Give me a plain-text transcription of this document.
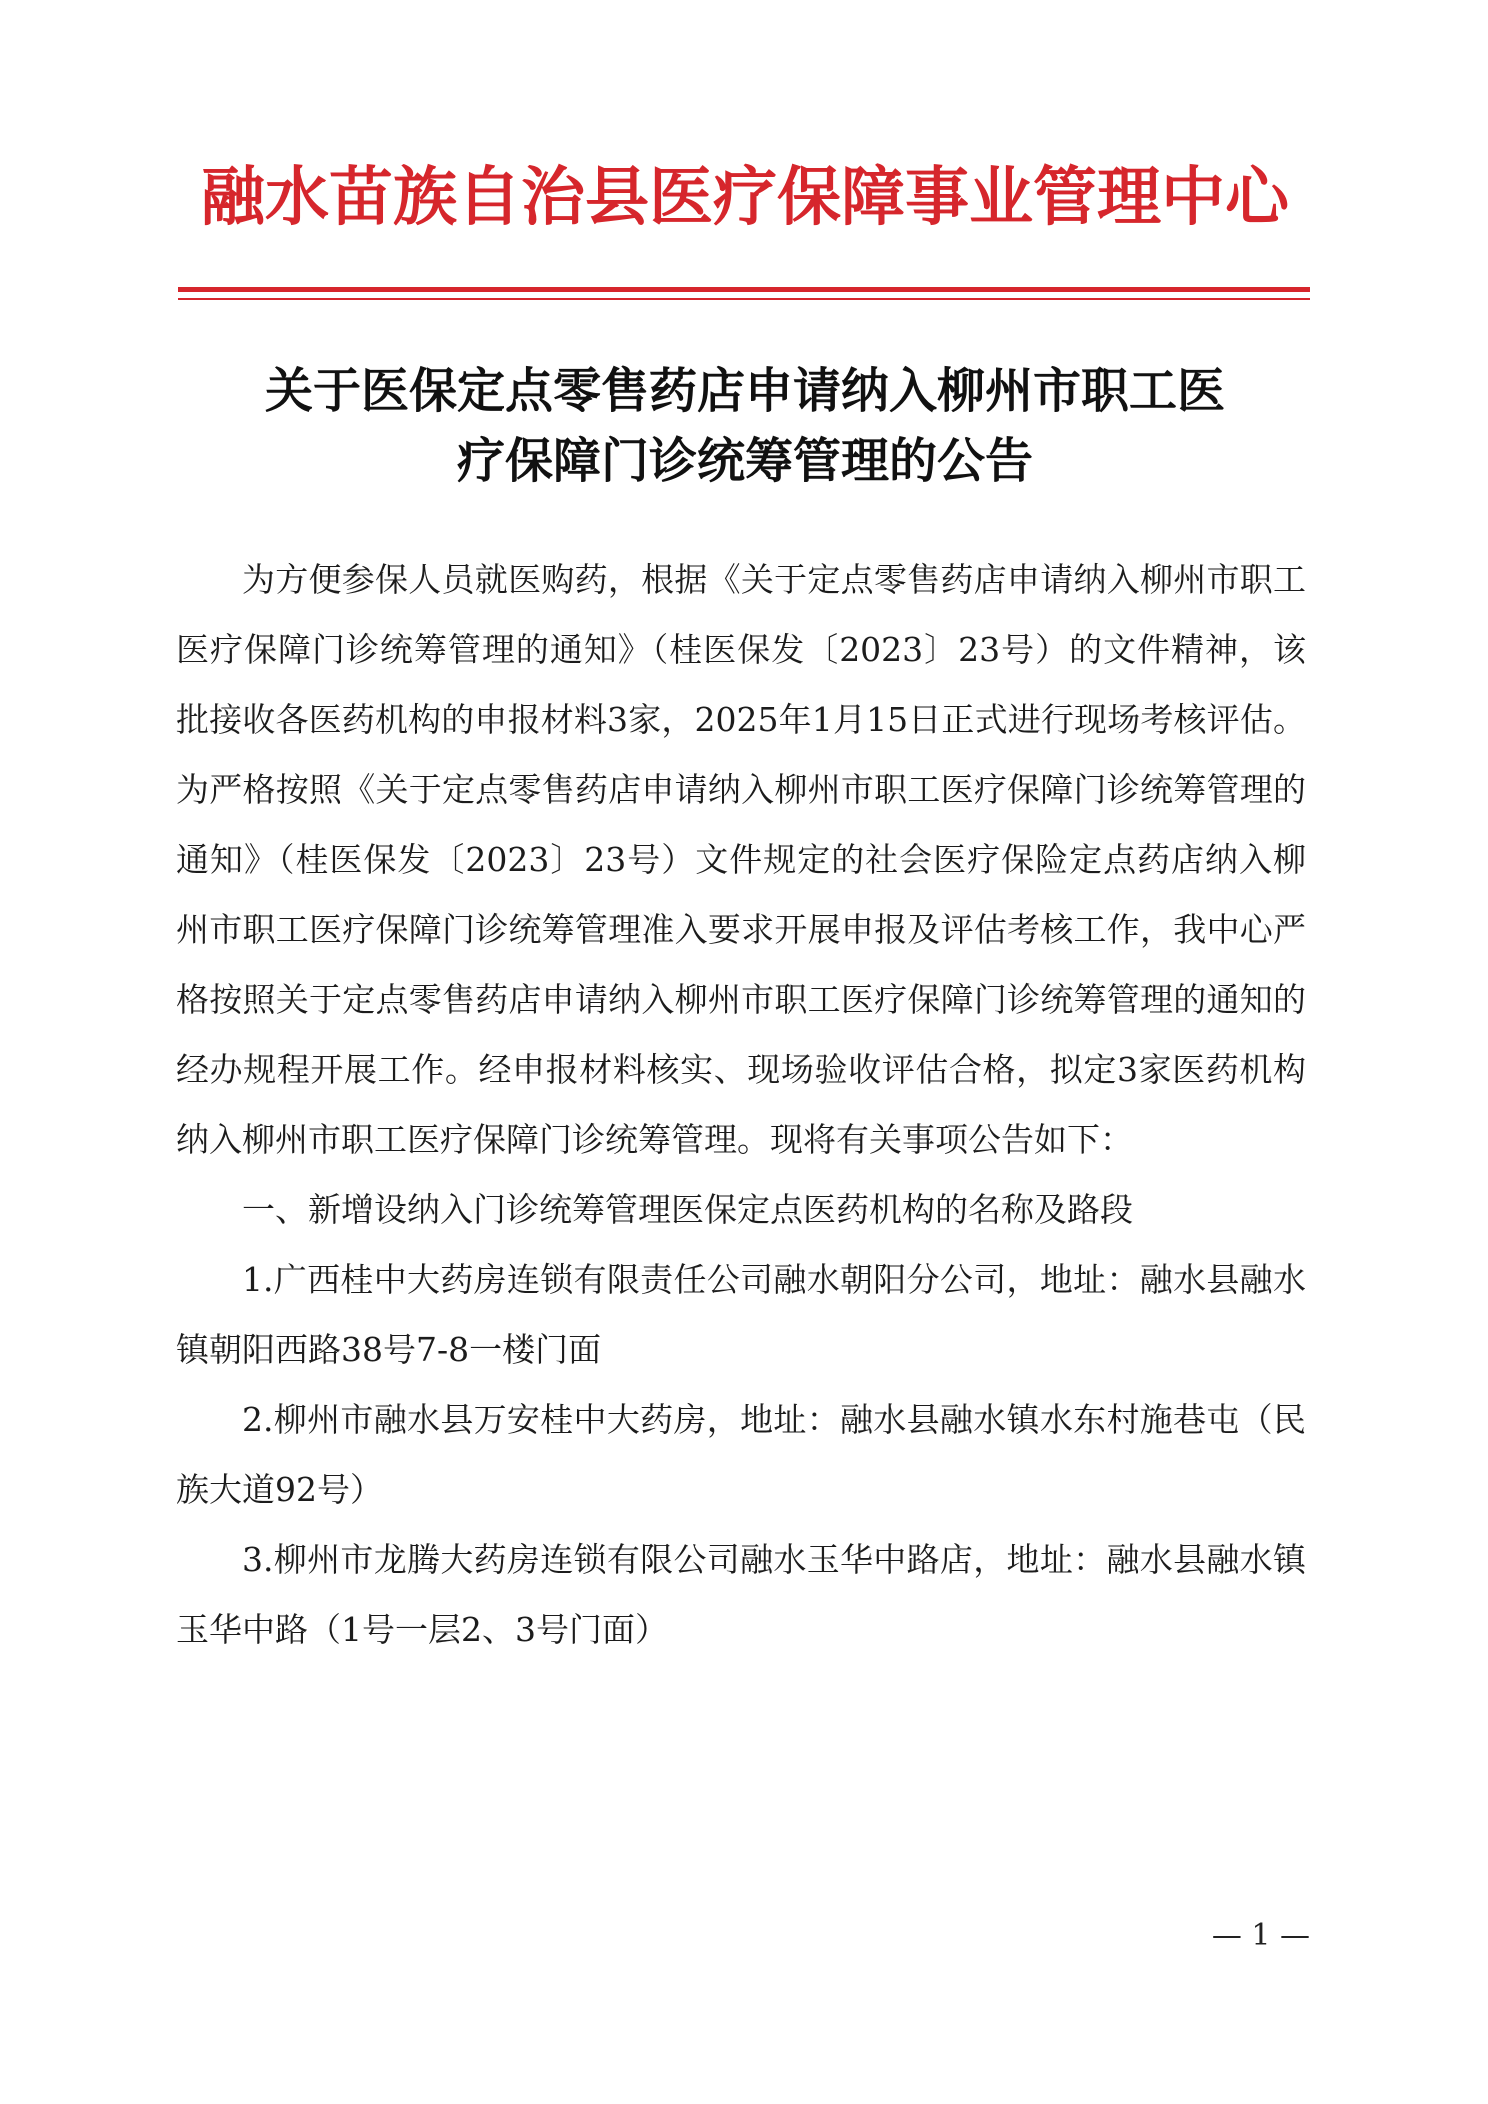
融水苗族自治县医疗保障事业管理中心
关于医保定点零售药店申请纳入柳州市职工医
疗保障门诊统筹管理的公告

为方便参保人员就医购药，根据《关于定点零售药店申请纳入柳州市职工医疗保障门诊统筹管理的通知》（桂医保发〔2023〕23号）的文件精神，该批接收各医药机构的申报材料3家，2025年1月15日正式进行现场考核评估。为严格按照《关于定点零售药店申请纳入柳州市职工医疗保障门诊统筹管理的通知》（桂医保发〔2023〕23号）文件规定的社会医疗保险定点药店纳入柳州市职工医疗保障门诊统筹管理准入要求开展申报及评估考核工作，我中心严格按照关于定点零售药店申请纳入柳州市职工医疗保障门诊统筹管理的通知的经办规程开展工作。经申报材料核实、现场验收评估合格，拟定3家医药机构纳入柳州市职工医疗保障门诊统筹管理。现将有关事项公告如下：

一、新增设纳入门诊统筹管理医保定点医药机构的名称及路段

1.广西桂中大药房连锁有限责任公司融水朝阳分公司，地址：融水县融水镇朝阳西路38号7-8一楼门面

2.柳州市融水县万安桂中大药房，地址：融水县融水镇水东村施巷屯（民族大道92号）

3.柳州市龙腾大药房连锁有限公司融水玉华中路店，地址：融水县融水镇玉华中路（1号一层2、3号门面）

— 1 —
